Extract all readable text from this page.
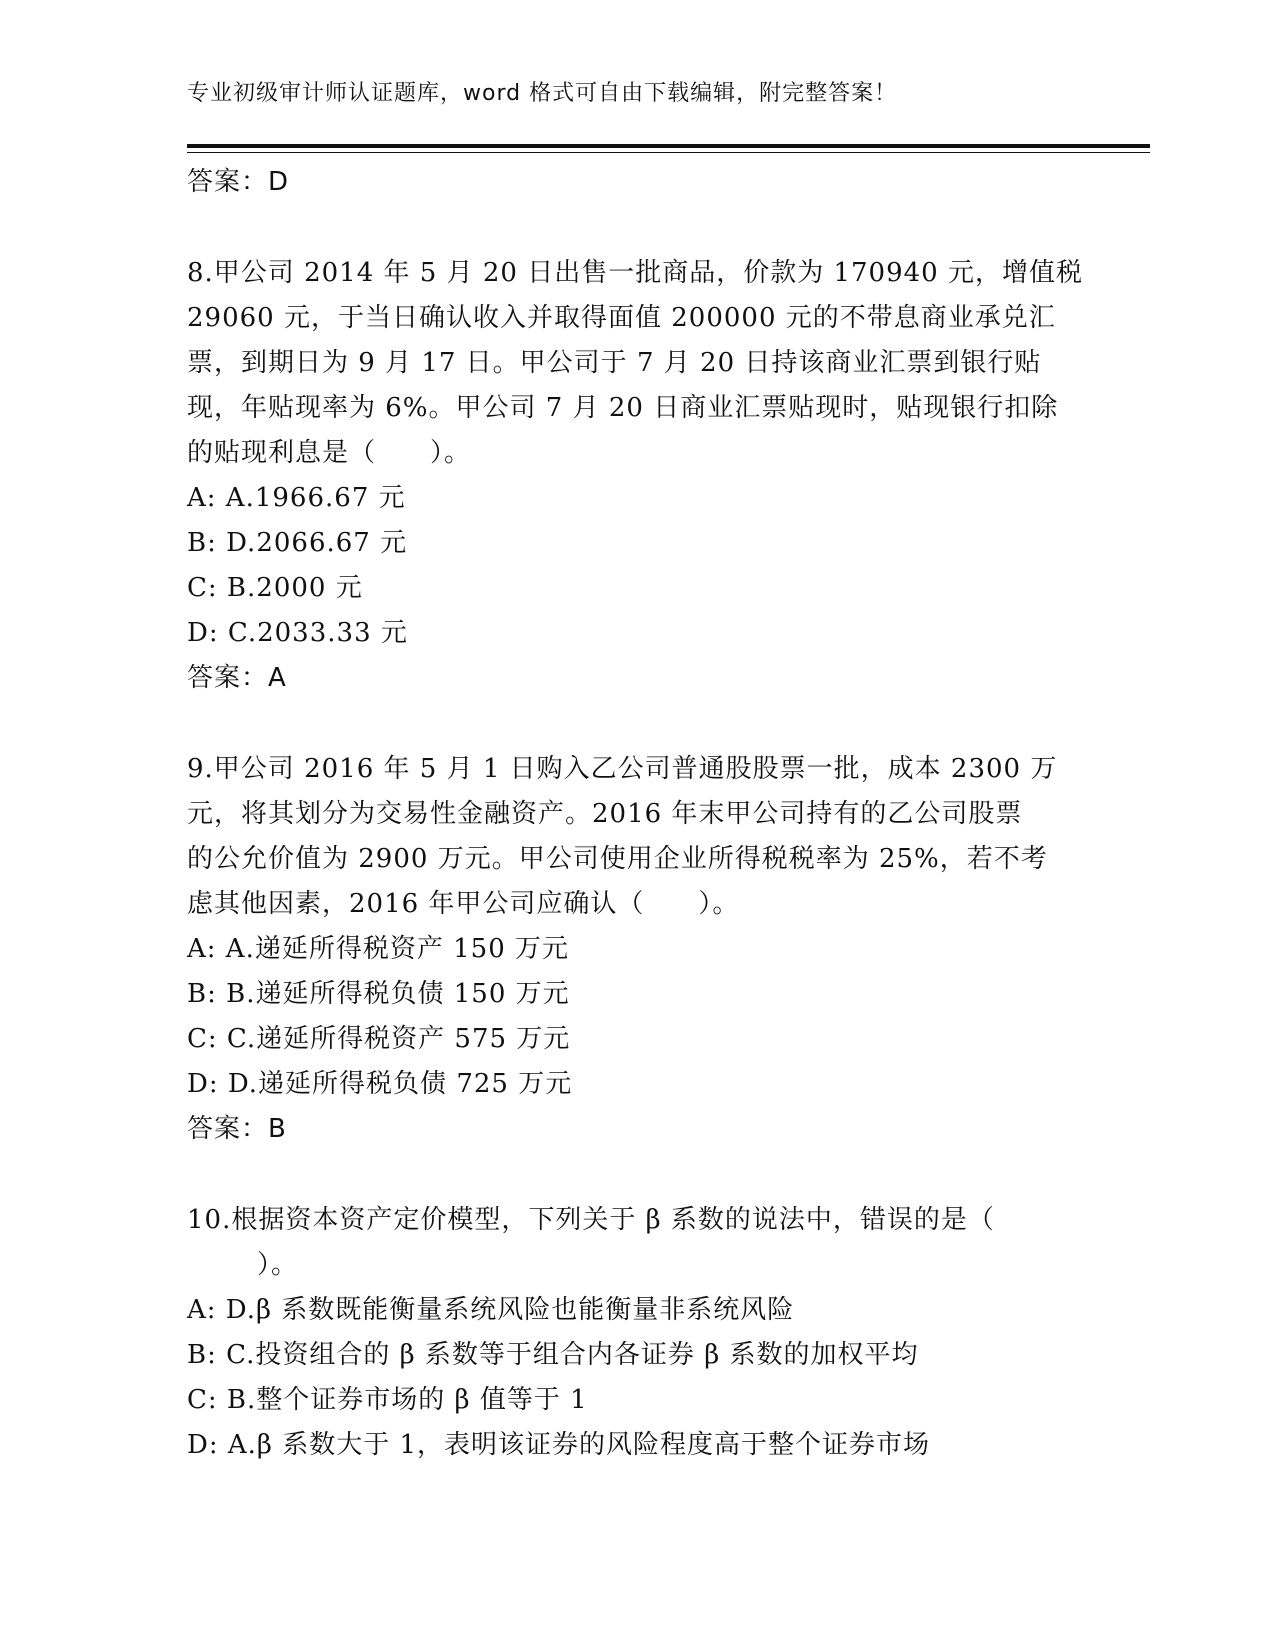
专业初级审计师认证题库，word 格式可自由下载编辑，附完整答案！
答案：D
8.甲公司 2014 年 5 月 20 日出售一批商品，价款为 170940 元，增值税
29060 元，于当日确认收入并取得面值 200000 元的不带息商业承兑汇
票，到期日为 9 月 17 日。甲公司于 7 月 20 日持该商业汇票到银行贴
现，年贴现率为 6%。甲公司 7 月 20 日商业汇票贴现时，贴现银行扣除
的贴现利息是（　　）。
A: A.1966.67 元
B: D.2066.67 元
C: B.2000 元
D: C.2033.33 元
答案：A
9.甲公司 2016 年 5 月 1 日购入乙公司普通股股票一批，成本 2300 万
元，将其划分为交易性金融资产。2016 年末甲公司持有的乙公司股票
的公允价值为 2900 万元。甲公司使用企业所得税税率为 25%，若不考
虑其他因素，2016 年甲公司应确认（　　）。
A: A.递延所得税资产 150 万元
B: B.递延所得税负债 150 万元
C: C.递延所得税资产 575 万元
D: D.递延所得税负债 725 万元
答案：B
10.根据资本资产定价模型，下列关于 β 系数的说法中，错误的是（
）。
A: D.β 系数既能衡量系统风险也能衡量非系统风险
B: C.投资组合的 β 系数等于组合内各证券 β 系数的加权平均
C: B.整个证券市场的 β 值等于 1
D: A.β 系数大于 1，表明该证券的风险程度高于整个证券市场
